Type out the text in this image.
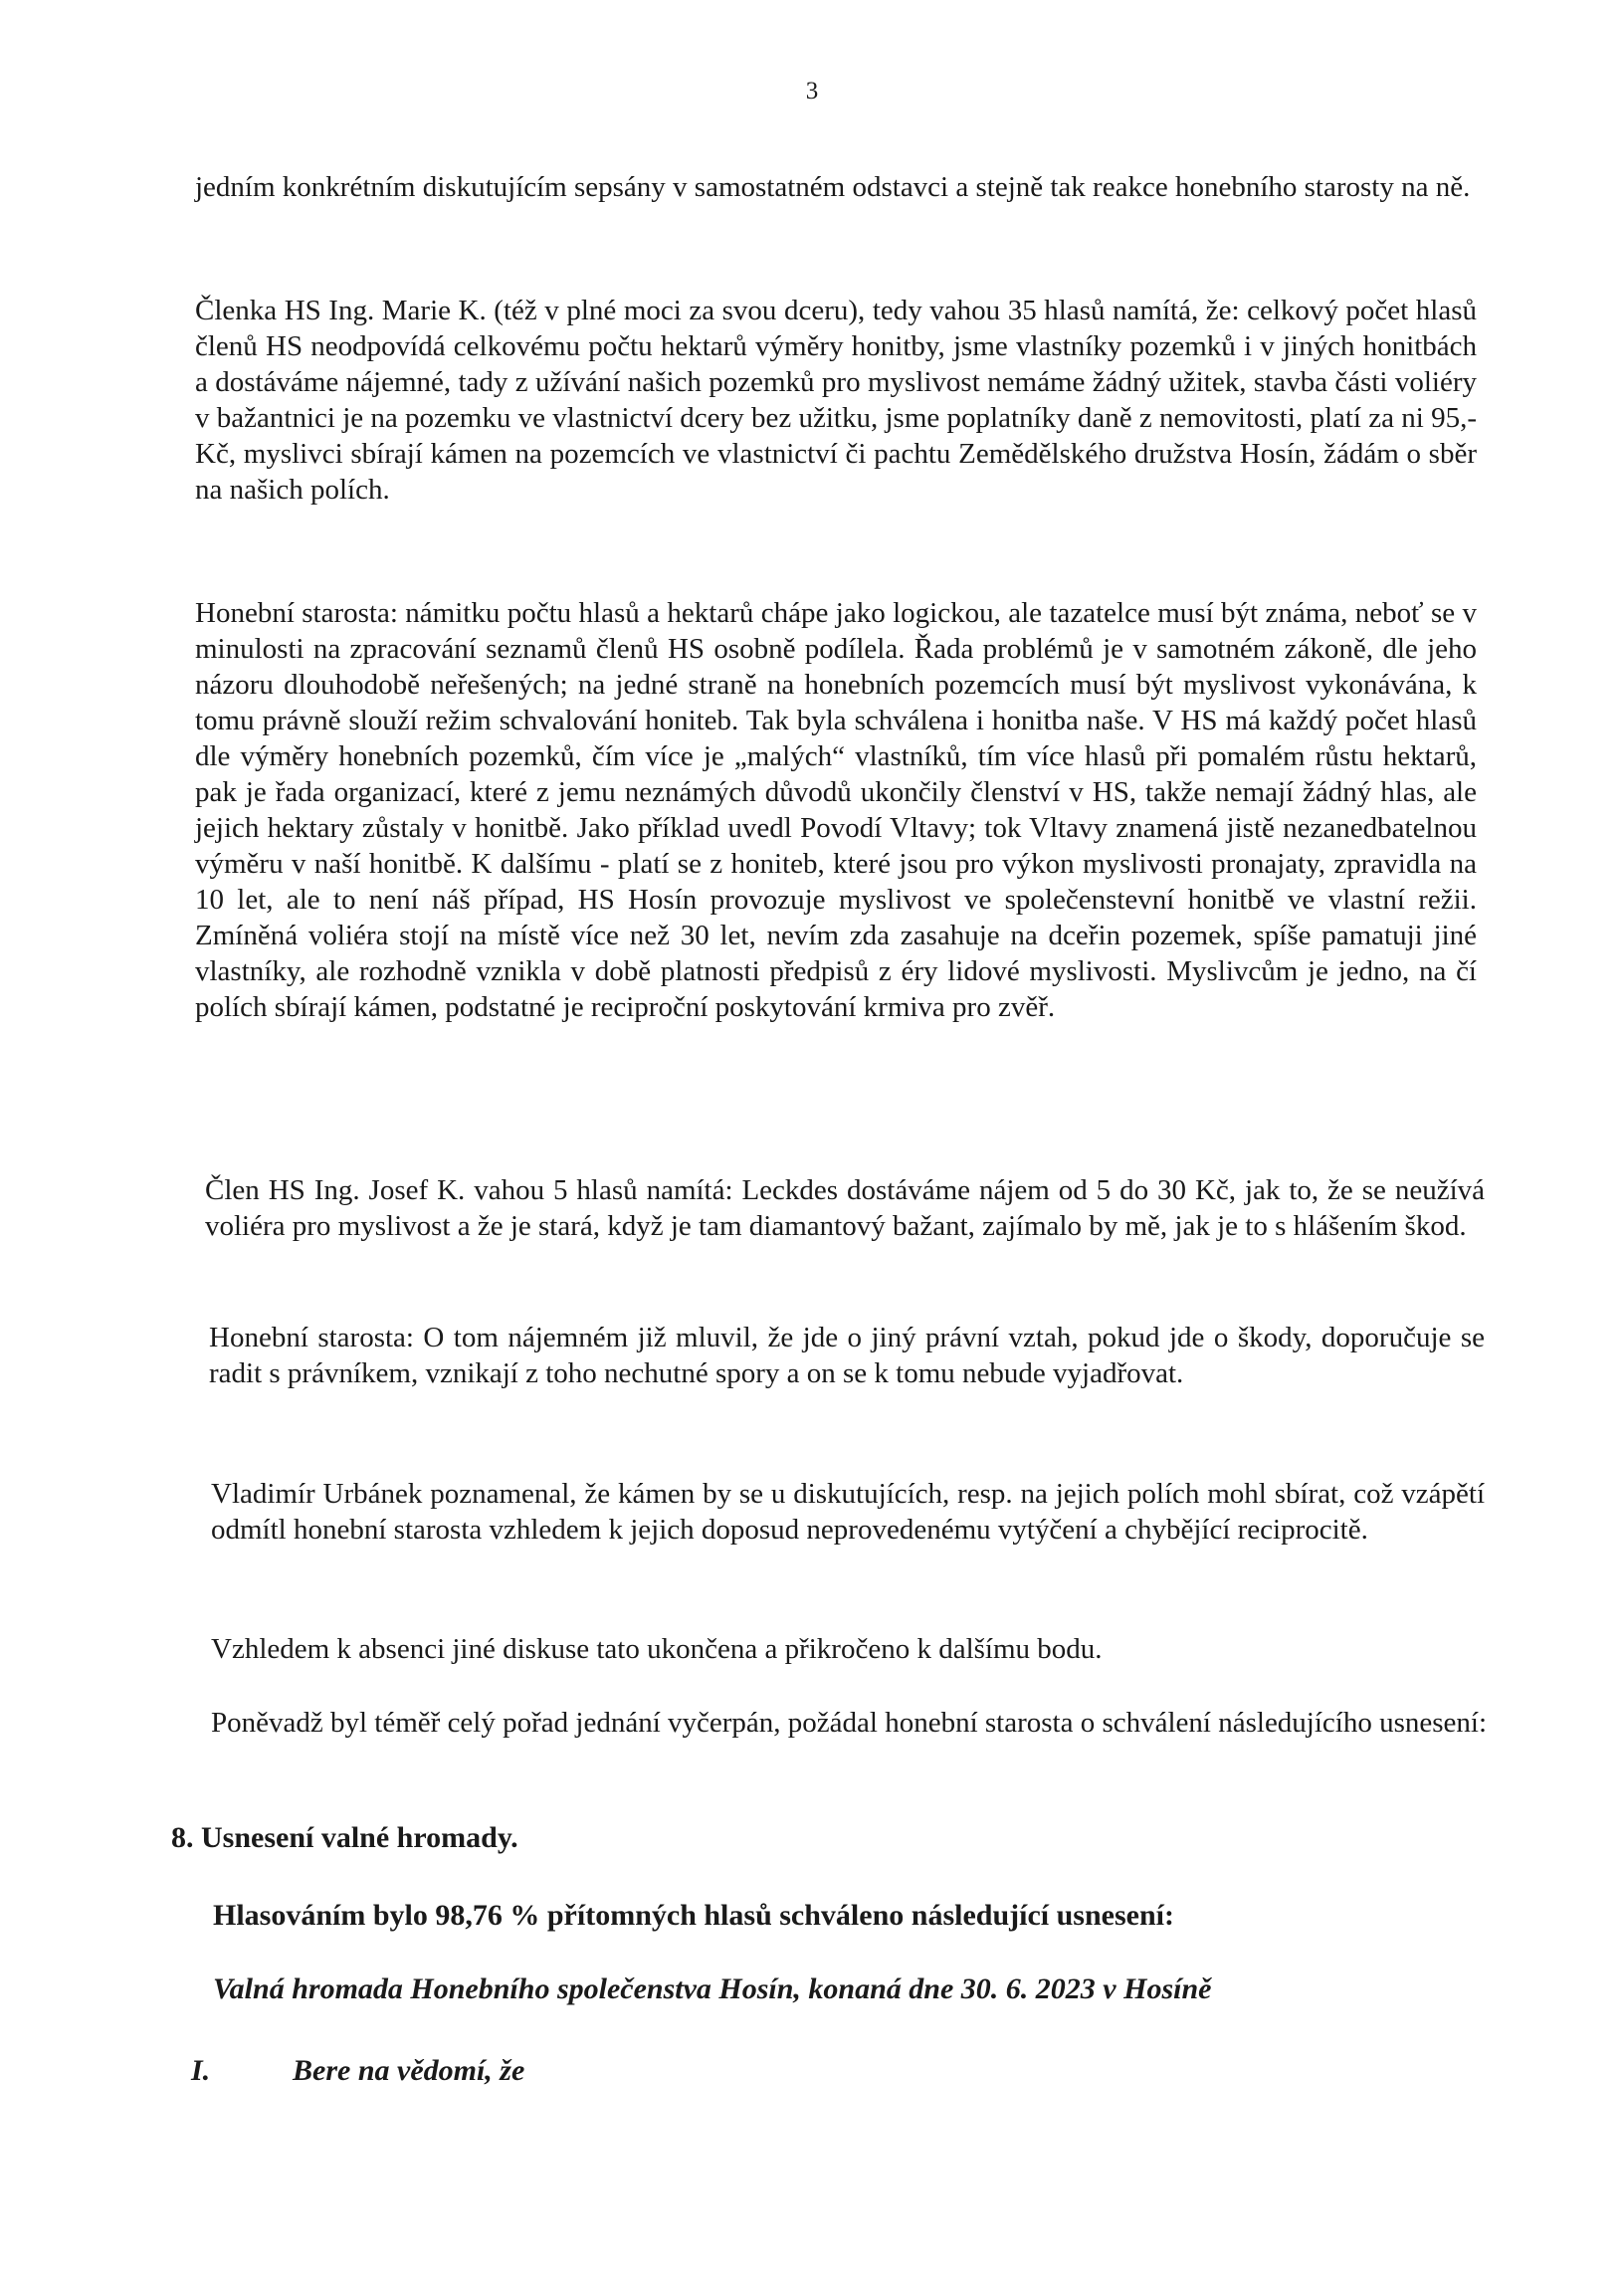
3

jedním konkrétním diskutujícím sepsány v samostatném odstavci a stejně tak reakce honebního starosty na ně.

Členka HS Ing. Marie K. (též v plné moci za svou dceru), tedy vahou 35 hlasů namítá, že: celkový počet hlasů členů HS neodpovídá celkovému počtu hektarů výměry honitby, jsme vlastníky pozemků i v jiných honitbách a dostáváme nájemné, tady z užívání našich pozemků pro myslivost nemáme žádný užitek, stavba části voliéry v bažantnici je na pozemku ve vlastnictví dcery bez užitku, jsme poplatníky daně z nemovitosti, platí za ni 95,-Kč, myslivci sbírají kámen na pozemcích ve vlastnictví či pachtu Zemědělského družstva Hosín, žádám o sběr na našich polích.

Honební starosta: námitku počtu hlasů a hektarů chápe jako logickou, ale tazatelce musí být známa, neboť se v minulosti na zpracování seznamů členů HS osobně podílela. Řada problémů je v samotném zákoně, dle jeho názoru dlouhodobě neřešených; na jedné straně na honebních pozemcích musí být myslivost vykonávána, k tomu právně slouží režim schvalování honiteb. Tak byla schválena i honitba naše. V HS má každý počet hlasů dle výměry honebních pozemků, čím více je „malých“ vlastníků, tím více hlasů při pomalém růstu hektarů, pak je řada organizací, které z jemu neznámých důvodů ukončily členství v HS, takže nemají žádný hlas, ale jejich hektary zůstaly v honitbě. Jako příklad uvedl Povodí Vltavy; tok Vltavy znamená jistě nezanedbatelnou výměru v naší honitbě. K dalšímu - platí se z honiteb, které jsou pro výkon myslivosti pronajaty, zpravidla na 10 let, ale to není náš případ, HS Hosín provozuje myslivost ve společenstevní honitbě ve vlastní režii. Zmíněná voliéra stojí na místě více než 30 let, nevím zda zasahuje na dceřin pozemek, spíše pamatuji jiné vlastníky, ale rozhodně vznikla v době platnosti předpisů z éry lidové myslivosti. Myslivcům je jedno, na čí polích sbírají kámen, podstatné je reciproční poskytování krmiva pro zvěř.

Člen HS Ing. Josef K. vahou 5 hlasů namítá: Leckdes dostáváme nájem od 5 do 30 Kč, jak to, že se neužívá voliéra pro myslivost a že je stará, když je tam diamantový bažant, zajímalo by mě, jak je to s hlášením škod.

Honební starosta: O tom nájemném již mluvil, že jde o jiný právní vztah, pokud jde o škody, doporučuje se radit s právníkem, vznikají z toho nechutné spory a on se k tomu nebude vyjadřovat.

Vladimír Urbánek poznamenal, že kámen by se u diskutujících, resp. na jejich polích mohl sbírat, což vzápětí odmítl honební starosta vzhledem k jejich doposud neprovedenému vytýčení a chybějící reciprocitě.

Vzhledem k absenci jiné diskuse tato ukončena a přikročeno k dalšímu bodu.

Poněvadž byl téměř celý pořad jednání vyčerpán, požádal honební starosta o schválení následujícího usnesení:

8. Usnesení valné hromady.

Hlasováním bylo 98,76 % přítomných hlasů schváleno následující usnesení:

Valná hromada Honebního společenstva Hosín, konaná dne 30. 6. 2023 v Hosíně

I.	Bere na vědomí, že
